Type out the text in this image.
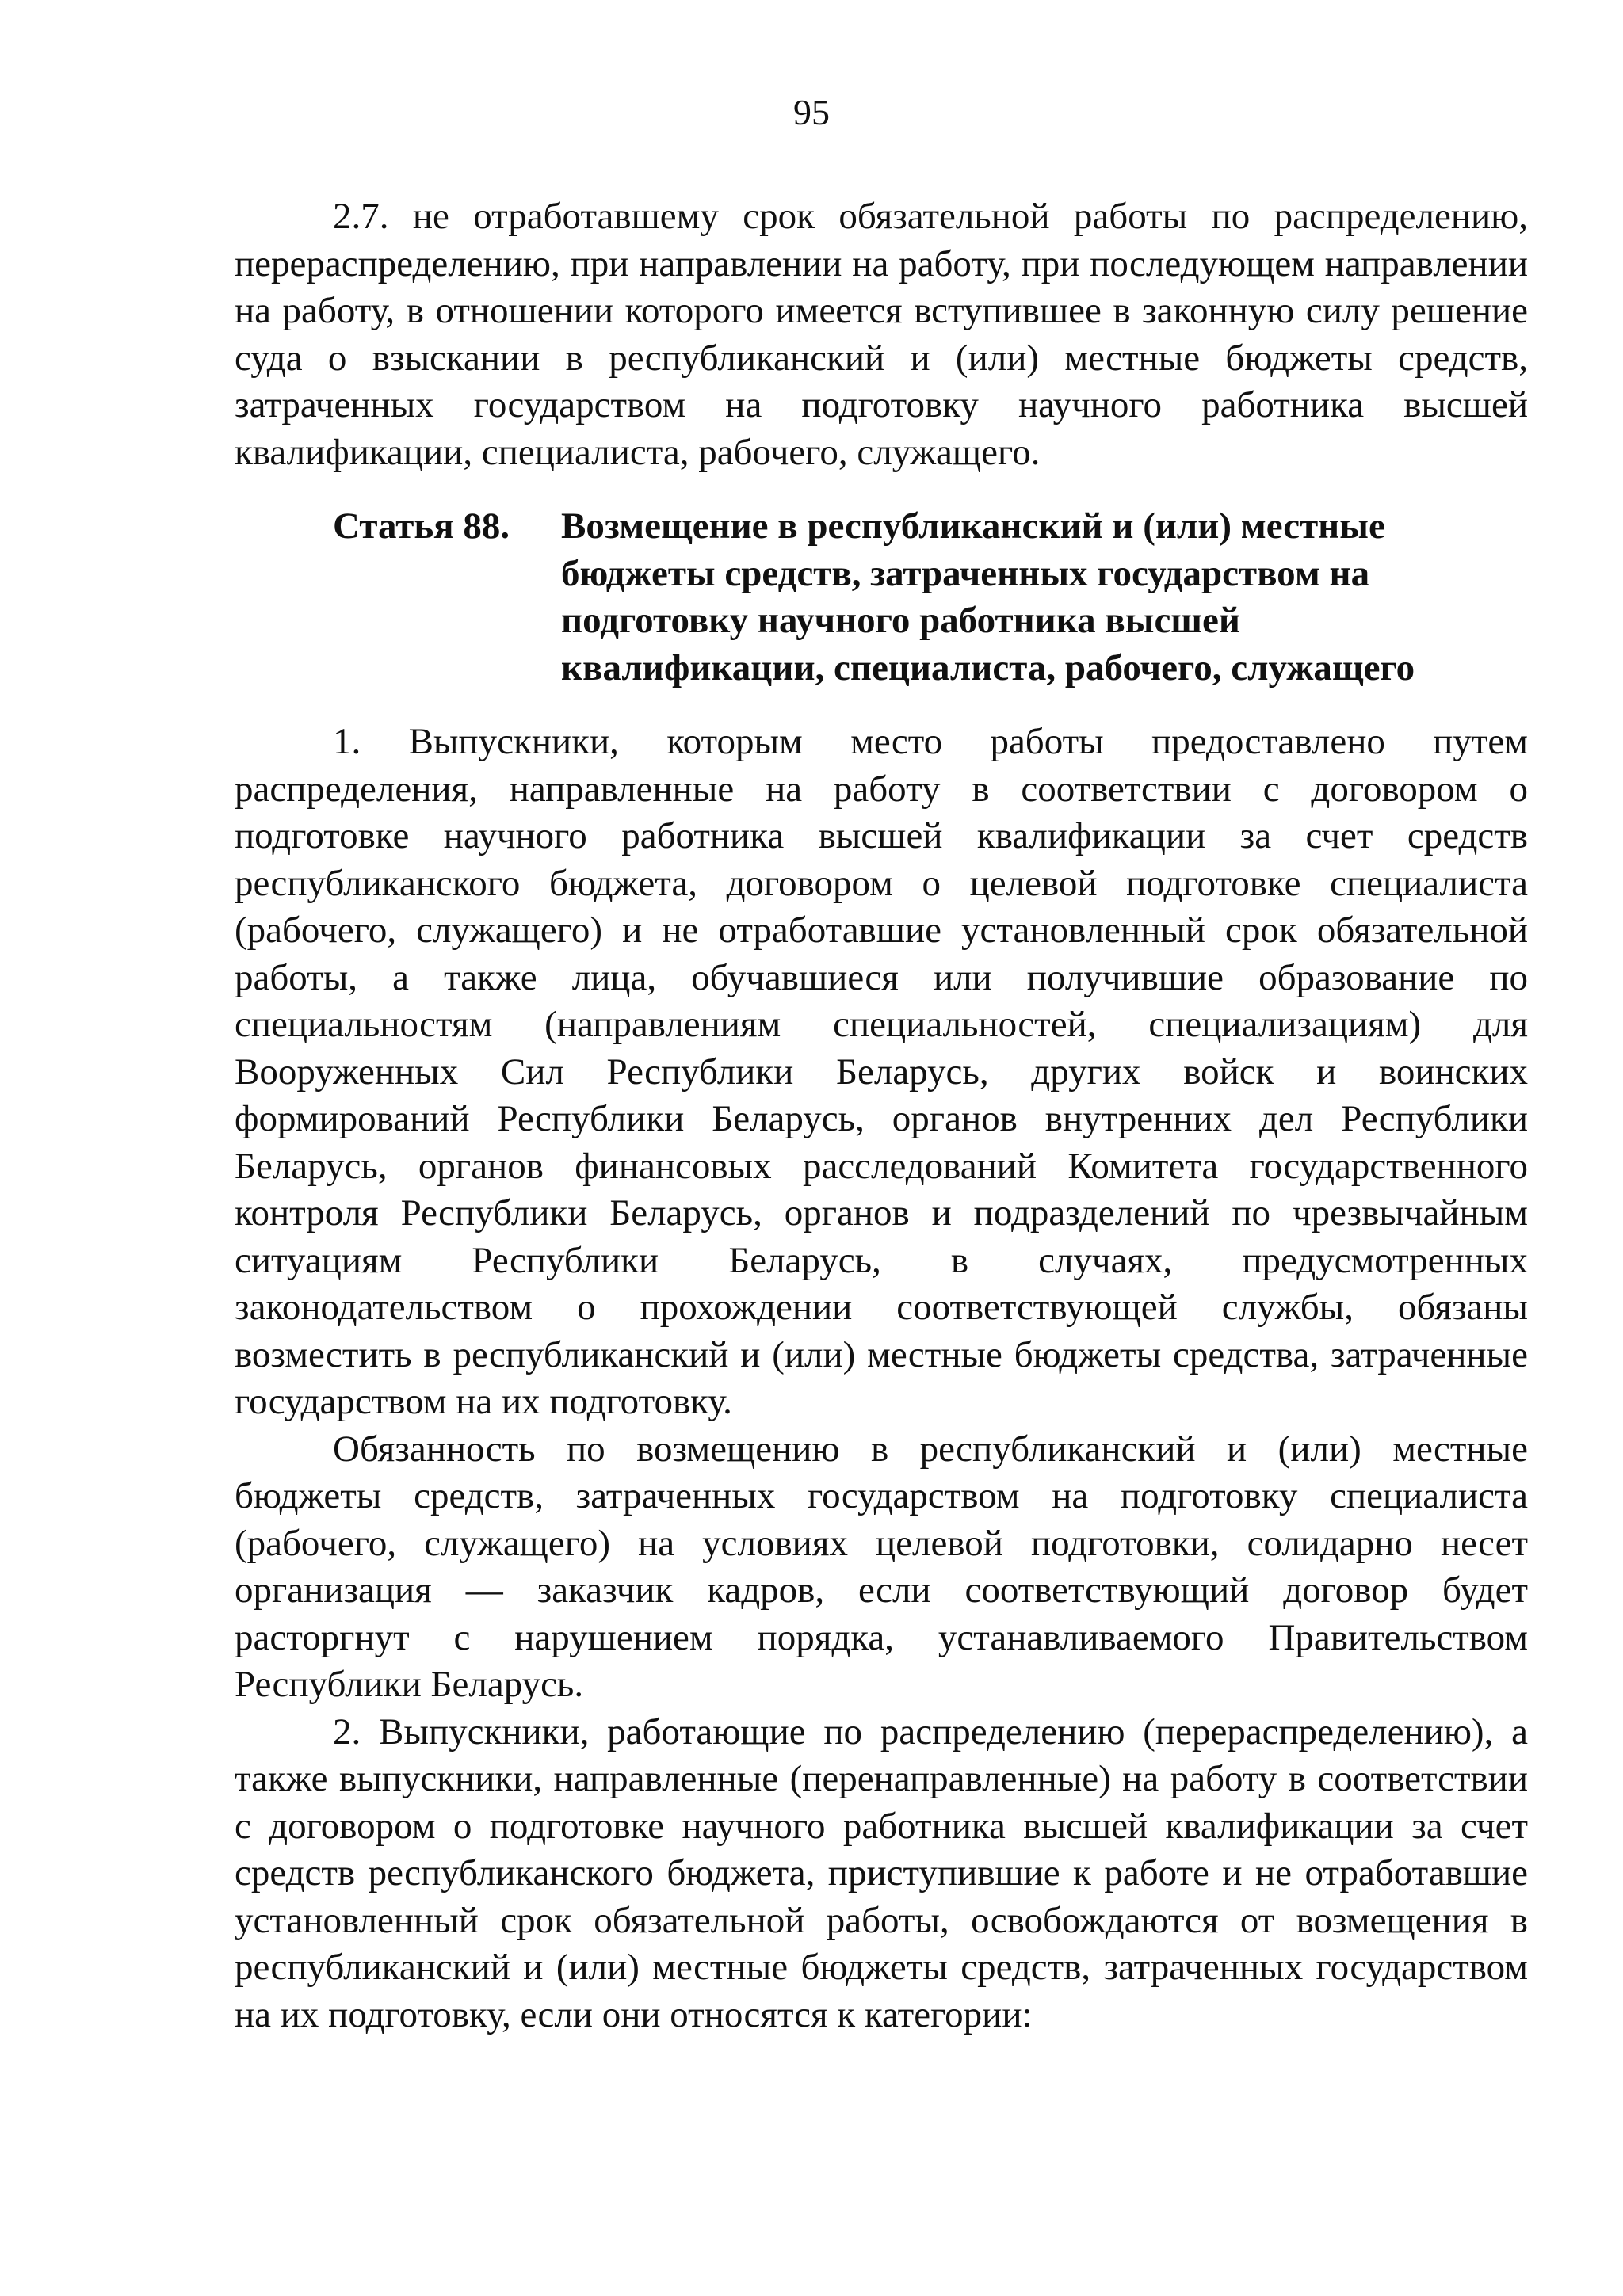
95

2.7. не отработавшему срок обязательной работы по распределению, перераспределению, при направлении на работу, при последующем направлении на работу, в отношении которого имеется вступившее в законную силу решение суда о взыскании в республиканский и (или) местные бюджеты средств, затраченных государством на подготовку научного работника высшей квалификации, специалиста, рабочего, служащего.

Статья 88.	Возмещение в республиканский и (или) местные бюджеты средств, затраченных государством на подготовку научного работника высшей квалификации, специалиста, рабочего, служащего

1. Выпускники, которым место работы предоставлено путем распределения, направленные на работу в соответствии с договором о подготовке научного работника высшей квалификации за счет средств республиканского бюджета, договором о целевой подготовке специалиста (рабочего, служащего) и не отработавшие установленный срок обязательной работы, а также лица, обучавшиеся или получившие образование по специальностям (направлениям специальностей, специализациям) для Вооруженных Сил Республики Беларусь, других войск и воинских формирований Республики Беларусь, органов внутренних дел Республики Беларусь, органов финансовых расследований Комитета государственного контроля Республики Беларусь, органов и подразделений по чрезвычайным ситуациям Республики Беларусь, в случаях, предусмотренных законодательством о прохождении соответствующей службы, обязаны возместить в республиканский и (или) местные бюджеты средства, затраченные государством на их подготовку.

Обязанность по возмещению в республиканский и (или) местные бюджеты средств, затраченных государством на подготовку специалиста (рабочего, служащего) на условиях целевой подготовки, солидарно несет организация — заказчик кадров, если соответствующий договор будет расторгнут с нарушением порядка, устанавливаемого Правительством Республики Беларусь.

2. Выпускники, работающие по распределению (перераспределению), а также выпускники, направленные (перенаправленные) на работу в соответствии с договором о подготовке научного работника высшей квалификации за счет средств республиканского бюджета, приступившие к работе и не отработавшие установленный срок обязательной работы, освобождаются от возмещения в республиканский и (или) местные бюджеты средств, затраченных государством на их подготовку, если они относятся к категории:
